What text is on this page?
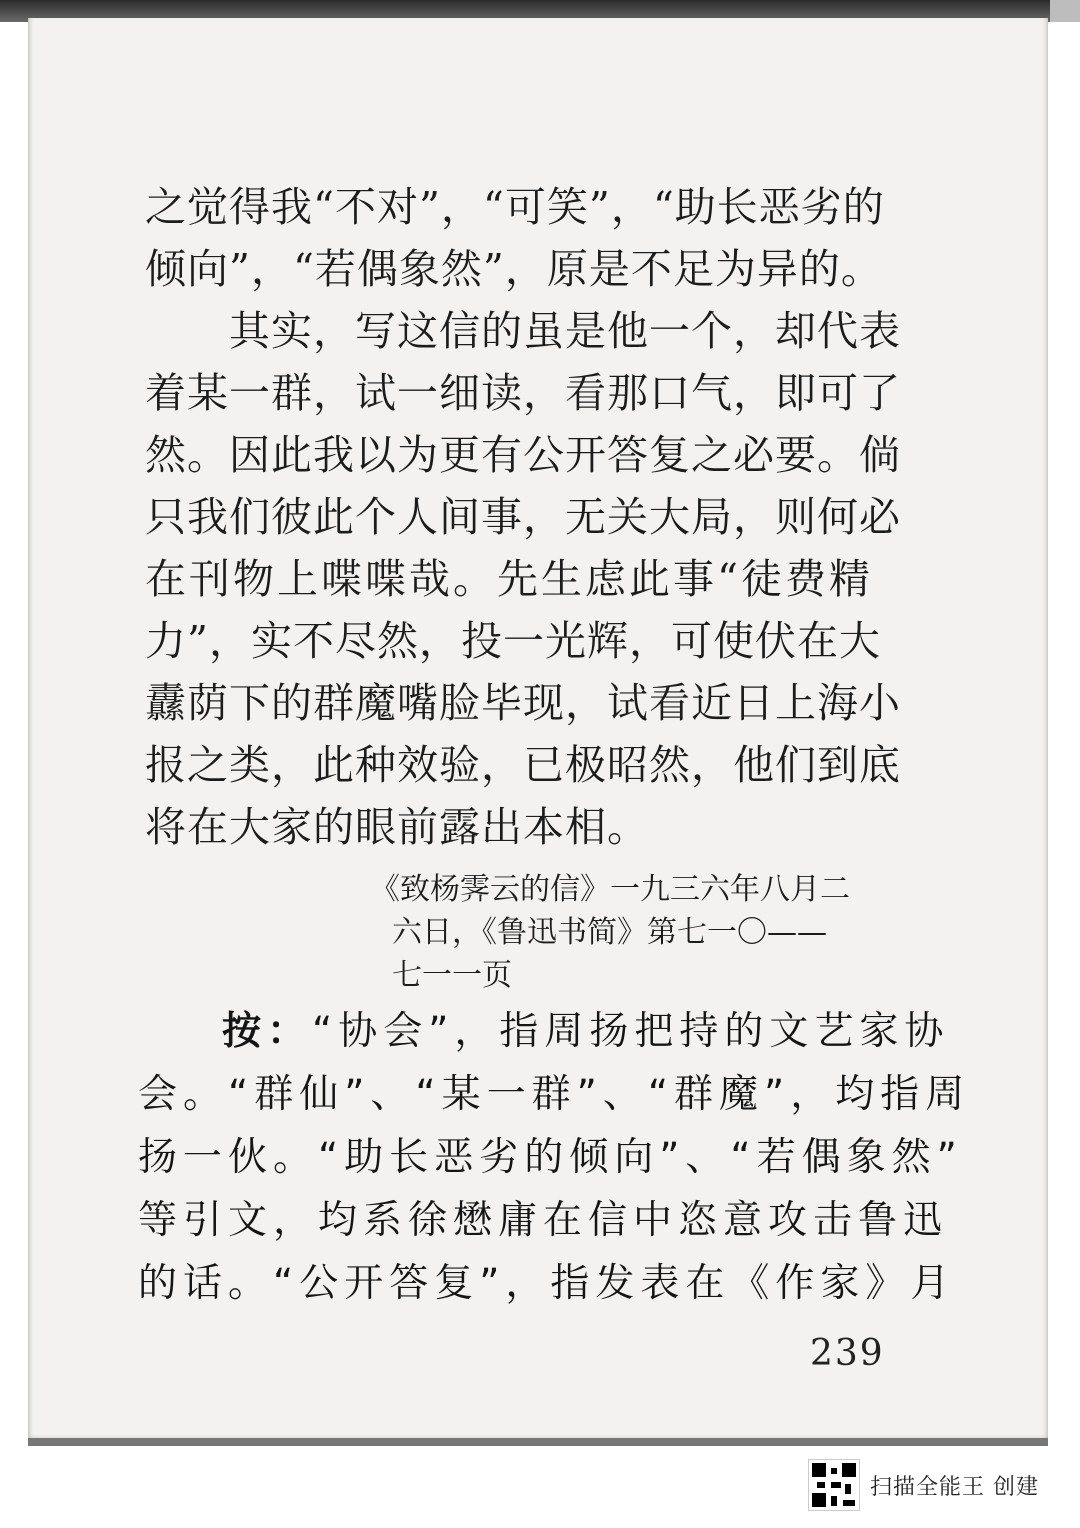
之觉得我“不对”，“可笑”，“助长恶劣的
倾向”，“若偶象然”，原是不足为异的。
其实，写这信的虽是他一个，却代表
着某一群，试一细读，看那口气，即可了
然。因此我以为更有公开答复之必要。倘
只我们彼此个人间事，无关大局，则何必
在刊物上喋喋哉。先生虑此事“徒费精
力”，实不尽然，投一光辉，可使伏在大
纛荫下的群魔嘴脸毕现，试看近日上海小
报之类，此种效验，已极昭然，他们到底
将在大家的眼前露出本相。
《致杨霁云的信》一九三六年八月二
六日，《鲁迅书简》第七一〇——
七一一页
按：“协会”，指周扬把持的文艺家协
会。“群仙”、“某一群”、“群魔”，均指周
扬一伙。“助长恶劣的倾向”、“若偶象然”
等引文，均系徐懋庸在信中恣意攻击鲁迅
的话。“公开答复”，指发表在《作家》月
239
扫描全能王 创建
